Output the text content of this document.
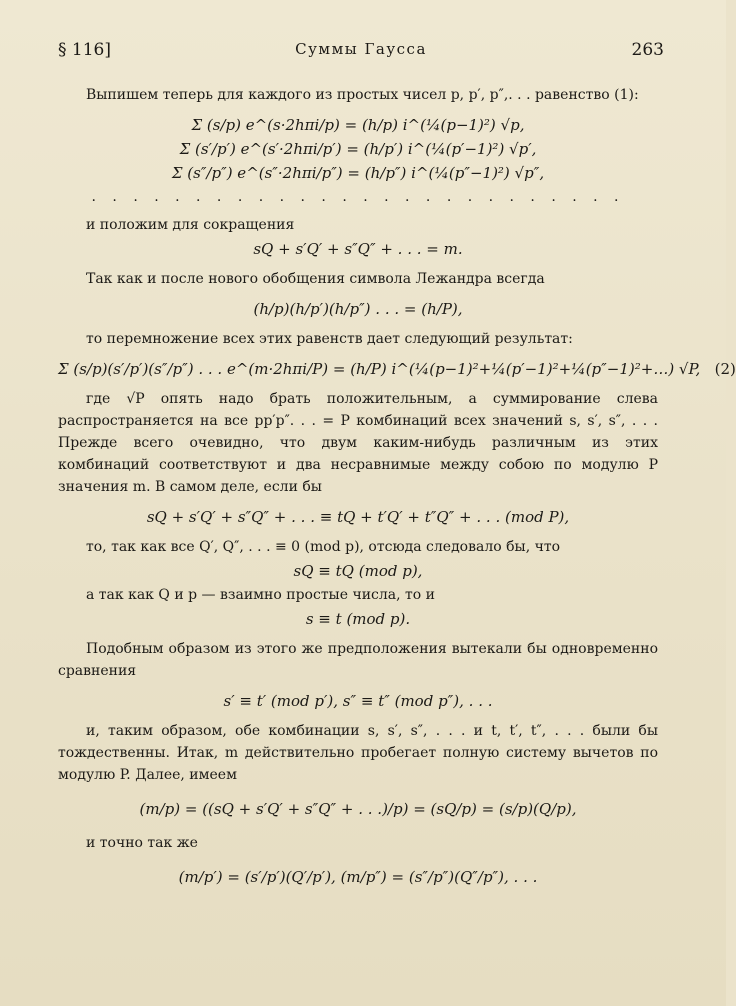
§ 116]	Суммы Гаусса	263

Выпишем теперь для каждого из простых чисел p, p′, p″,. . . равенство (1):

Σ (s/p) e^(s·2hπi/p) = (h/p) i^(¼(p−1)²) √p,
Σ (s′/p′) e^(s′·2hπi/p′) = (h/p′) i^(¼(p′−1)²) √p′,
Σ (s″/p″) e^(s″·2hπi/p″) = (h/p″) i^(¼(p″−1)²) √p″,
. . . . . . . . . . . . . . . . . . . . . . . . . .

и положим для сокращения

sQ + s′Q′ + s″Q″ + . . . = m.

Так как и после нового обобщения символа Лежандра всегда

(h/p)(h/p′)(h/p″) . . . = (h/P),

то перемножение всех этих равенств дает следующий результат:

Σ (s/p)(s′/p′)(s″/p″) . . . e^(m·2hπi/P) = (h/P) i^(¼(p−1)²+¼(p′−1)²+¼(p″−1)²+…) √P, (2)

где √P опять надо брать положительным, а суммирование слева распространяется на все pp′p″. . . = P комбинаций всех значений s, s′, s″, . . . Прежде всего очевидно, что двум каким-нибудь различным из этих комбинаций соответствуют и два несравнимые между собою по модулю P значения m. В самом деле, если бы

sQ + s′Q′ + s″Q″ + . . . ≡ tQ + t′Q′ + t″Q″ + . . . (mod P),

то, так как все Q′, Q″, . . . ≡ 0 (mod p), отсюда следовало бы, что

sQ ≡ tQ (mod p),

а так как Q и p — взаимно простые числа, то и

s ≡ t (mod p).

Подобным образом из этого же предположения вытекали бы одновременно сравнения

s′ ≡ t′ (mod p′), s″ ≡ t″ (mod p″), . . .

и, таким образом, обе комбинации s, s′, s″, . . . и t, t′, t″, . . . были бы тождественны. Итак, m действительно пробегает полную систему вычетов по модулю P. Далее, имеем

(m/p) = ((sQ + s′Q′ + s″Q″ + . . .)/p) = (sQ/p) = (s/p)(Q/p),

и точно так же

(m/p′) = (s′/p′)(Q′/p′), (m/p″) = (s″/p″)(Q″/p″), . . .
